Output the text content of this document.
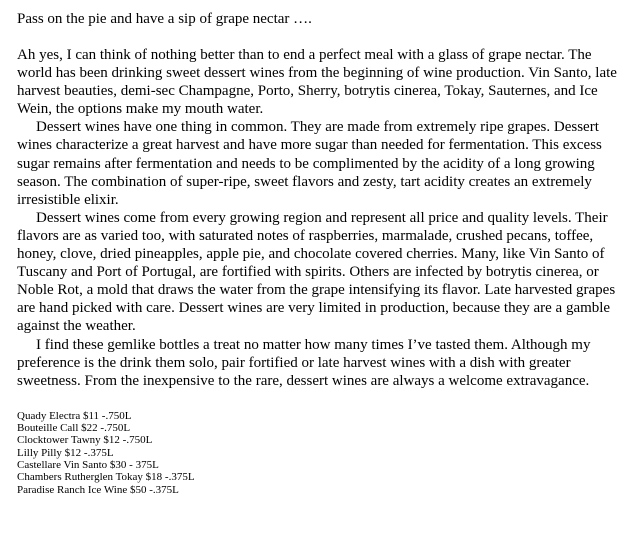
Pass on the pie and have a sip of grape nectar ….

Ah yes, I can think of nothing better than to end a perfect meal with a glass of grape nectar. The world has been drinking sweet dessert wines from the beginning of wine production. Vin Santo, late harvest beauties, demi-sec Champagne, Porto, Sherry, botrytis cinerea, Tokay, Sauternes, and Ice Wein, the options make my mouth water.

Dessert wines have one thing in common. They are made from extremely ripe grapes. Dessert wines characterize a great harvest and have more sugar than needed for fermentation. This excess sugar remains after fermentation and needs to be complimented by the acidity of a long growing season. The combination of super-ripe, sweet flavors and zesty, tart acidity creates an extremely irresistible elixir.

Dessert wines come from every growing region and represent all price and quality levels. Their flavors are as varied too, with saturated notes of raspberries, marmalade, crushed pecans, toffee, honey, clove, dried pineapples, apple pie, and chocolate covered cherries. Many, like Vin Santo of Tuscany and Port of Portugal, are fortified with spirits. Others are infected by botrytis cinerea, or Noble Rot, a mold that draws the water from the grape intensifying its flavor. Late harvested grapes are hand picked with care. Dessert wines are very limited in production, because they are a gamble against the weather.

I find these gemlike bottles a treat no matter how many times I’ve tasted them. Although my preference is the drink them solo, pair fortified or late harvest wines with a dish with greater sweetness. From the inexpensive to the rare, dessert wines are always a welcome extravagance.

Quady Electra $11 -.750L
Bouteille Call $22 -.750L
Clocktower Tawny $12 -.750L
Lilly Pilly $12 -.375L
Castellare Vin Santo $30 - 375L
Chambers Rutherglen Tokay $18 -.375L
Paradise Ranch Ice Wine $50 -.375L
